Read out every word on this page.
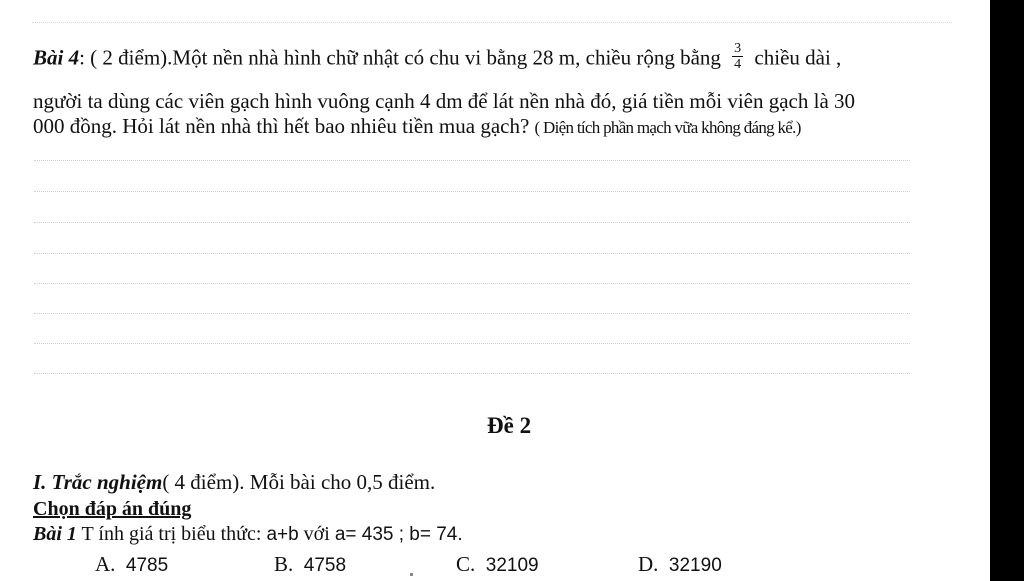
Bài 4: ( 2 điểm).Một nền nhà hình chữ nhật có chu vi bằng 28 m, chiều rộng bằng $\frac{3}{4}$ chiều dài ,
người ta dùng các viên gạch hình vuông cạnh 4 dm để lát nền nhà đó, giá tiền mỗi viên gạch là 30
000 đồng. Hỏi lát nền nhà thì hết bao nhiêu tiền mua gạch? ( Diện tích phần mạch vữa không đáng kể.)
Đề 2
I. Trắc nghiệm( 4 điểm). Mỗi bài cho 0,5 điểm.
Chọn đáp án đúng
Bài 1 T ính giá trị biểu thức: a+b với a= 435 ; b= 74.
A. 4785	B. 4758	C. 32109	D. 32190
